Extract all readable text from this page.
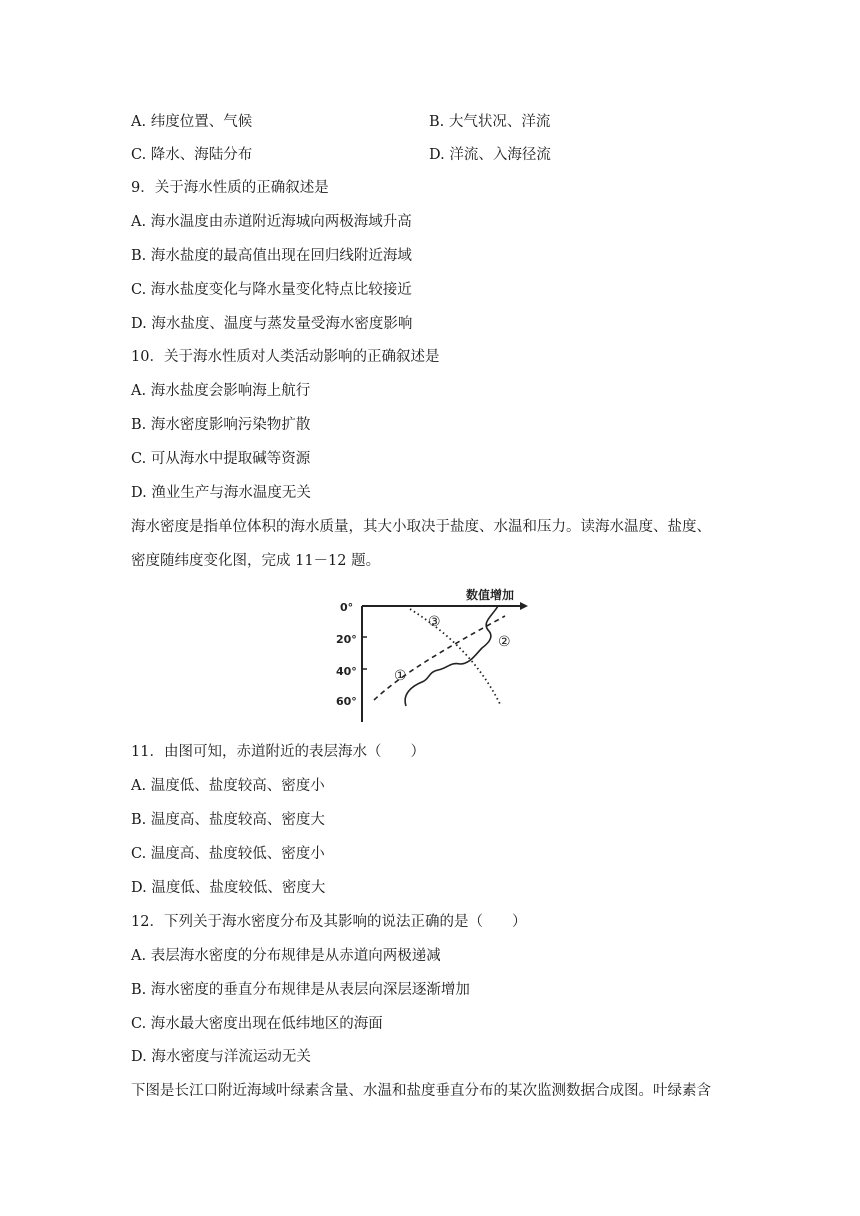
A. 纬度位置、气候	B. 大气状况、洋流
C. 降水、海陆分布	D. 洋流、入海径流
9．关于海水性质的正确叙述是
A. 海水温度由赤道附近海城向两极海域升高
B. 海水盐度的最高值出现在回归线附近海域
C. 海水盐度变化与降水量变化特点比较接近
D. 海水盐度、温度与蒸发量受海水密度影响
10．关于海水性质对人类活动影响的正确叙述是
A. 海水盐度会影响海上航行
B. 海水密度影响污染物扩散
C. 可从海水中提取碱等资源
D. 渔业生产与海水温度无关
海水密度是指单位体积的海水质量，其大小取决于盐度、水温和压力。读海水温度、盐度、
密度随纬度变化图，完成 11－12 题。
数值增加
0°
20°
40°
60°
①
②
③
11．由图可知，赤道附近的表层海水（　　）
A. 温度低、盐度较高、密度小
B. 温度高、盐度较高、密度大
C. 温度高、盐度较低、密度小
D. 温度低、盐度较低、密度大
12．下列关于海水密度分布及其影响的说法正确的是（　　）
A. 表层海水密度的分布规律是从赤道向两极递减
B. 海水密度的垂直分布规律是从表层向深层逐渐增加
C. 海水最大密度出现在低纬地区的海面
D. 海水密度与洋流运动无关
下图是长江口附近海域叶绿素含量、水温和盐度垂直分布的某次监测数据合成图。叶绿素含
